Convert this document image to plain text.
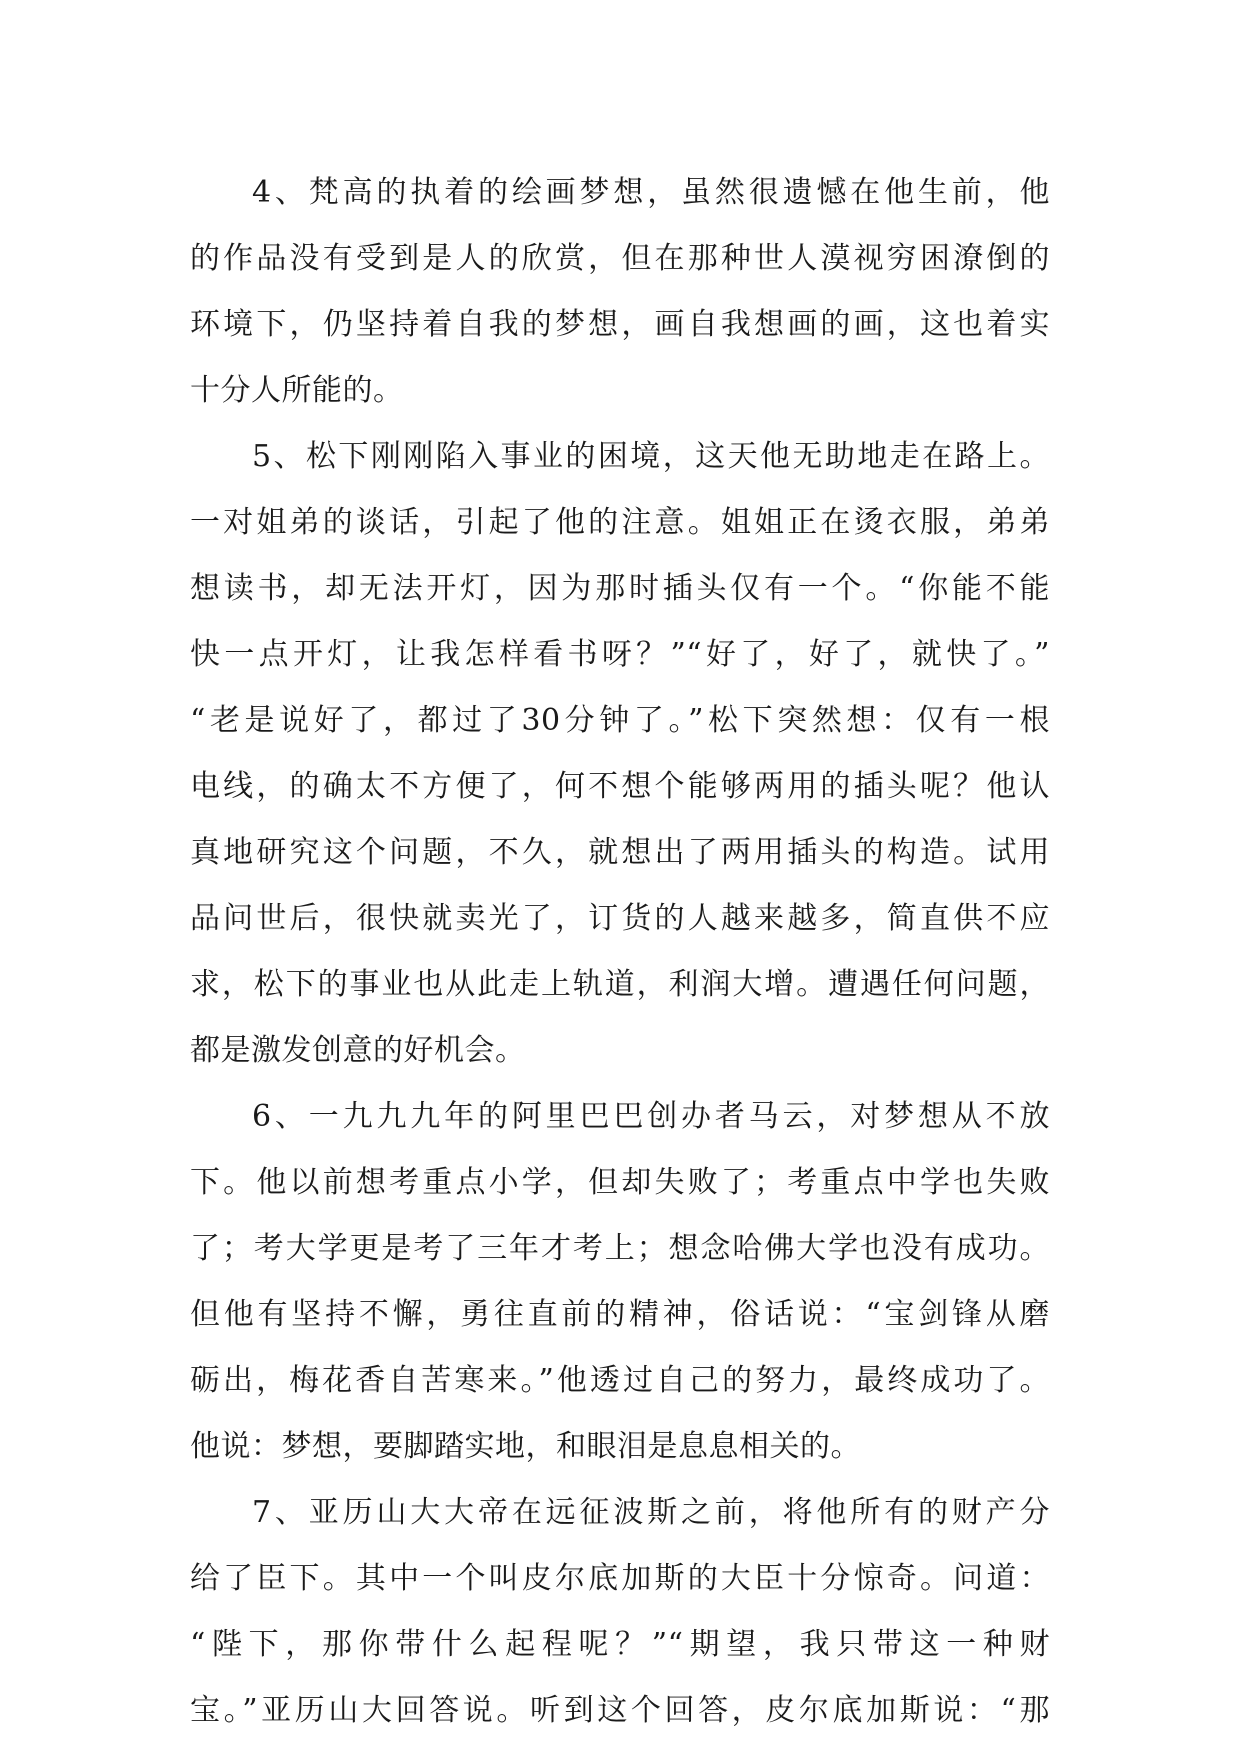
4、梵高的执着的绘画梦想，虽然很遗憾在他生前，他
的作品没有受到是人的欣赏，但在那种世人漠视穷困潦倒的
环境下，仍坚持着自我的梦想，画自我想画的画，这也着实
十分人所能的。
5、松下刚刚陷入事业的困境，这天他无助地走在路上。
一对姐弟的谈话，引起了他的注意。姐姐正在烫衣服，弟弟
想读书，却无法开灯，因为那时插头仅有一个。“你能不能
快一点开灯，让我怎样看书呀？”“好了，好了，就快了。”
“老是说好了，都过了30分钟了。”松下突然想：仅有一根
电线，的确太不方便了，何不想个能够两用的插头呢？他认
真地研究这个问题，不久，就想出了两用插头的构造。试用
品问世后，很快就卖光了，订货的人越来越多，简直供不应
求，松下的事业也从此走上轨道，利润大增。遭遇任何问题，
都是激发创意的好机会。
6、一九九九年的阿里巴巴创办者马云，对梦想从不放
下。他以前想考重点小学，但却失败了；考重点中学也失败
了；考大学更是考了三年才考上；想念哈佛大学也没有成功。
但他有坚持不懈，勇往直前的精神，俗话说：“宝剑锋从磨
砺出，梅花香自苦寒来。”他透过自己的努力，最终成功了。
他说：梦想，要脚踏实地，和眼泪是息息相关的。
7、亚历山大大帝在远征波斯之前，将他所有的财产分
给了臣下。其中一个叫皮尔底加斯的大臣十分惊奇。问道：
“陛下，那你带什么起程呢？”“期望，我只带这一种财
宝。”亚历山大回答说。听到这个回答，皮尔底加斯说：“那
